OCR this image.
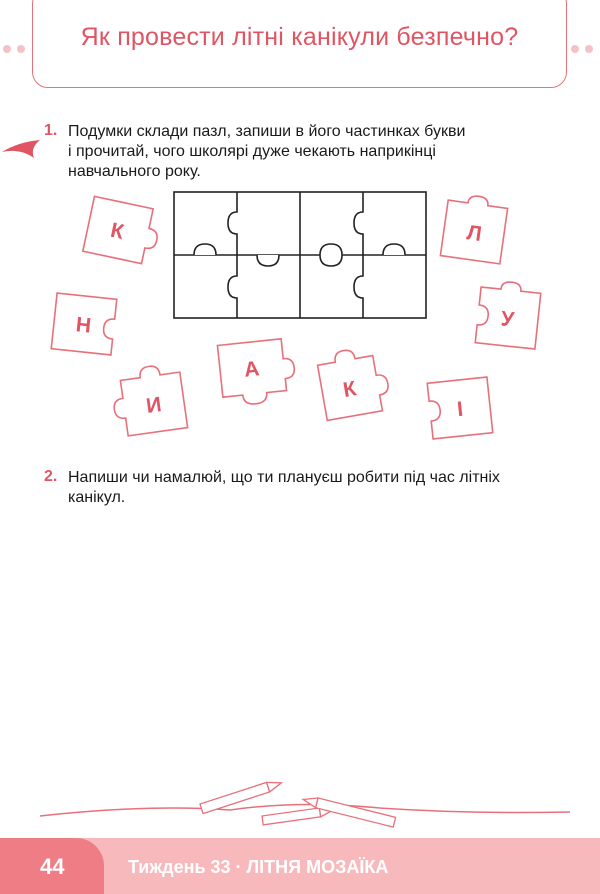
Як провести літні канікули безпечно?
1. Подумки склади пазл, запиши в його частинках букви
і прочитай, чого школярі дуже чекають наприкінці
навчального року.
К	Л
Н	У
А
К
И	І
2. Напиши чи намалюй, що ти плануєш робити під час літніх
канікул.
44	Тиждень 33 · ЛІТНЯ МОЗАЇКА
